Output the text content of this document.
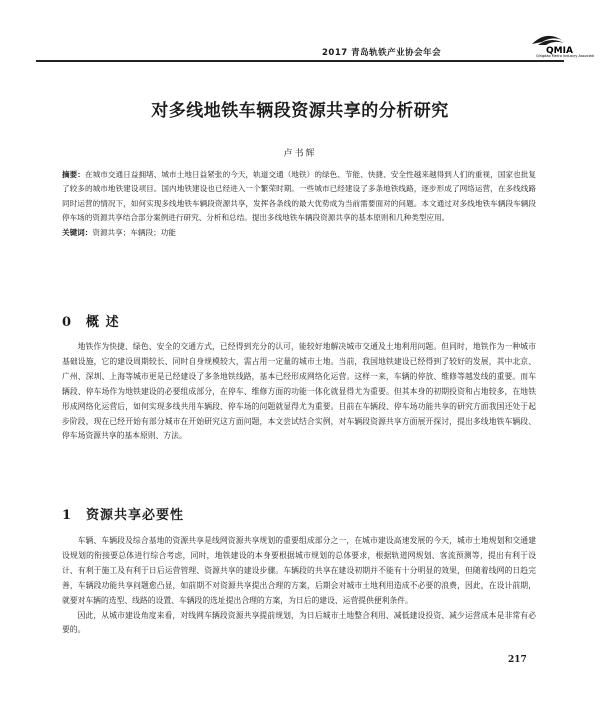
2017 青岛轨铁产业协会年会	QMIA
Qingdao Metro Industry Association
对多线地铁车辆段资源共享的分析研究
卢书辉
摘要：在城市交通日益拥堵、城市土地日益紧张的今天，轨道交通（地铁）的绿色、节能、快捷、安全性越来越得到人们的重视，国家也批复了较多的城市地铁建设项目。国内地铁建设也已经进入一个繁荣时期。一些城市已经建设了多条地铁线路，逐步形成了网络运营，在多线线路同时运营的情况下，如何实现多线地铁车辆段资源共享，发挥各条线的最大优势成为当前需要面对的问题。本文通过对多线地铁车辆段车辆段停车场的资源共享结合部分案例进行研究、分析和总结。提出多线地铁车辆段资源共享的基本原则和几种类型应用。
关键词：资源共享；车辆段；功能
0 概 述

地铁作为快捷、绿色、安全的交通方式，已经得到充分的认可，能较好地解决城市交通及土地利用问题。但同时，地铁作为一种城市基础设施，它的建设周期较长、同时自身规模较大，需占用一定量的城市土地。当前，我国地铁建设已经得到了较好的发展，其中北京、广州、深圳、上海等城市更是已经建设了多条地铁线路，基本已经形成网络化运营。这样一来，车辆的停放、维修等越发线的重要。而车辆段、停车场作为地铁建设的必要组成部分，在停车、维修方面的功能一体化就显得尤为重要。但其本身的初期投资和占地较多，在地铁形成网络化运营后，如何实现多线共用车辆段、停车场的问题就显得尤为重要。目前在车辆段、停车场功能共享的研究方面我国还处于起步阶段，现在已经开始有部分城市在开始研究这方面问题，本文尝试结合实例，对车辆段资源共享方面展开探讨，提出多线地铁车辆段、停车场资源共享的基本原则、方法。

1 资源共享必要性

车辆、车辆段及综合基地的资源共享是线网资源共享规划的重要组成部分之一，在城市建设高速发展的今天，城市土地规划和交通建设规划的衔接要总体进行综合考虑，同时，地铁建设的本身要根据城市规划的总体要求，根据轨道网规划、客流预测等，提出有利于设计、有利于施工及有利于日后运营管理、资源共享的建设步骤。车辆段的共享在建设初期并不能有十分明显的效果，但随着线网的日趋完善，车辆段功能共享问题愈凸显，如前期不对资源共享提出合理的方案，后期会对城市土地利用造成不必要的浪费，因此，在设计前期，就要对车辆的选型、线路的设置、车辆段的选址提出合理的方案，为日后的建设、运营提供便利条件。

因此，从城市建设角度来看，对线网车辆段资源共享提前规划，为日后城市土地整合利用、减低建设投资、减少运营成本是非常有必要的。

217
